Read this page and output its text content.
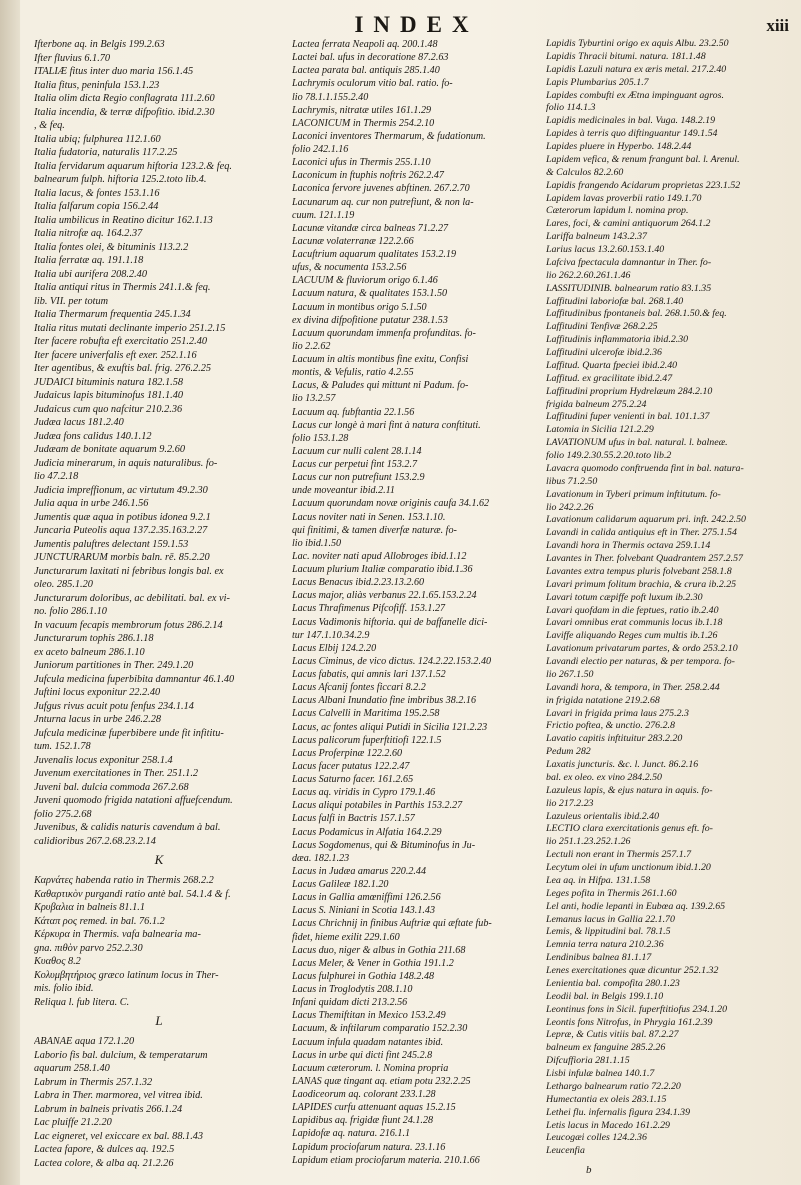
INDEX	xiii
Ifterbone aq. in Belgis 199.2.63
Ifter fluvius 6.1.70
ITALIÆ fitus inter duo maria 156.1.45
Italia fitus, peninfula 153.1.23
Italia olim dicta Regio conflagrata 111.2.60
Italia incendia, & terræ difpofitio. ibid.2.30
, & feq.
Italia ubiq; fulphurea 112.1.60
Italia fudatoria, naturalis 117.2.25
Italia fervidarum aquarum hiftoria 123.2.& feq.
balnearum fulph. hiftoria 125.2.toto lib.4.
Italia lacus, & fontes 153.1.16
Italia falfarum copia 156.2.44
Italia umbilicus in Reatino dicitur 162.1.13
Italia nitrofæ aq. 164.2.37
Italia fontes olei, & bituminis 113.2.2
Italia ferratæ aq. 191.1.18
Italia ubi aurifera 208.2.40
Italia antiqui ritus in Thermis 241.1.& feq.
lib. VII. per totum
Italia Thermarum frequentia 245.1.34
Italia ritus mutati declinante imperio 251.2.15
Iter facere robufta eft exercitatio 251.2.40
Iter facere univerfalis eft exer. 252.1.16
Iter agentibus, & exuftis bal. frig. 276.2.25
JUDAICI bituminis natura 182.1.58
Judaicus lapis bituminofus 181.1.40
Judaicus cum quo nafcitur 210.2.36
Judæa lacus 181.2.40
Judæa fons calidus 140.1.12
Judæam de bonitate aquarum 9.2.60
Judicia minerarum, in aquis naturalibus. fo-
lio 47.2.18
Judicia impreffionum, ac virtutum 49.2.30
Julia aqua in urbe 246.1.56
Jumentis quæ aqua in potibus idonea 9.2.1
Juncaria Puteolis aqua 137.2.35.163.2.27
Jumentis paluftres delectant 159.1.53
JUNCTURARUM morbis baln. rē. 85.2.20
Juncturarum laxitati ni febribus longis bal. ex
oleo. 285.1.20
Juncturarum doloribus, ac debilitati. bal. ex vi-
no. folio 286.1.10
In vacuum fecapis membrorum fotus 286.2.14
Juncturarum tophis 286.1.18
ex aceto balneum 286.1.10
Juniorum partitiones in Ther. 249.1.20
Jufcula medicina fuperbibita damnantur 46.1.40
Juftini locus exponitur 22.2.40
Jufgus rivus acuit potu fenfus 234.1.14
Jnturna lacus in urbe 246.2.28
Jufcula medicinæ fuperbibere unde fit infititu-
tum. 152.1.78
Juvenalis locus exponitur 258.1.4
Juvenum exercitationes in Ther. 251.1.2
Juveni bal. dulcia commoda 267.2.68
Juveni quomodo frigida natationi affuefcendum.
folio 275.2.68
Juvenibus, & calidis naturis cavendum à bal.
calidioribus 267.2.68.23.2.14
K
Καρνάτες habenda ratio in Thermis 268.2.2
Καθαρτικὸν purgandi ratio antè bal. 54.1.4 & f.
Κρυβαλια in balneis 81.1.1
Κάταπ ρος remed. in bal. 76.1.2
Κέρκυρα in Thermis. vafa balnearia ma-
gna. πιθὸν parvo 252.2.30
Κυαθος 8.2
Κολυμβητήριος græco latinum locus in Ther-
mis. folio ibid.
Reliqua l. fub litera. C.
L
ABANAE aqua 172.1.20
Laborio fis bal. dulcium, & temperatarum
aquarum 258.1.40
Labrum in Thermis 257.1.32
Labra in Ther. marmorea, vel vitrea ibid.
Labrum in balneis privatis 266.1.24
Lac pluiffe 21.2.20
Lac eigneret, vel exiccare ex bal. 88.1.43
Lactea fapore, & dulces aq. 192.5
Lactea colore, & alba aq. 21.2.26
Lactea ferrata Neapoli aq. 200.1.48
Lactei bal. ufus in decoratione 87.2.63
Lactea parata bal. antiquis 285.1.40
Lachrymis oculorum vitio bal. ratio. fo-
lio 78.1.1.155.2.40
Lachrymis, nitratæ utiles 161.1.29
LACONICUM in Thermis 254.2.10
Laconici inventores Thermarum, & fudationum.
folio 242.1.16
Laconici ufus in Thermis 255.1.10
Laconicum in ftuphis noftris 262.2.47
Laconica fervore juvenes abftinen. 267.2.70
Lacunarum aq. cur non putrefiunt, & non la-
cuum. 121.1.19
Lacunæ vitandæ circa balneas 71.2.27
Lacunæ volaterranæ 122.2.66
Lacuftrium aquarum qualitates 153.2.19
ufus, & nocumenta 153.2.56
LACUUM & fluviorum origo 6.1.46
Lacuum natura, & qualitates 153.1.50
Lacuum in montibus origo 5.1.50
ex divina difpofitione putatur 238.1.53
Lacuum quorundam immenfa profunditas. fo-
lio 2.2.62
Lacuum in altis montibus fine exitu, Confisi
montis, & Vefulis, ratio 4.2.55
Lacus, & Paludes qui mittunt ni Padum. fo-
lio 13.2.57
Lacuum aq. fubftantia 22.1.56
Lacus cur longè à mari fint à natura conftituti.
folio 153.1.28
Lacuum cur nulli calent 28.1.14
Lacus cur perpetui fint 153.2.7
Lacus cur non putrefiunt 153.2.9
unde moveantur ibid.2.11
Lacuum quorundam novæ originis caufa 34.1.62
Lacus noviter nati in Senen. 153.1.10.
qui finitimi, & tamen diverfæ naturæ. fo-
lio ibid.1.50
Lac. noviter nati apud Allobroges ibid.1.12
Lacuum plurium Italiæ comparatio ibid.1.36
Lacus Benacus ibid.2.23.13.2.60
Lacus major, aliàs verbanus 22.1.65.153.2.24
Lacus Thrafimenus Pifcofiff. 153.1.27
Lacus Vadimonis hiftoria. qui de baffanelle dici-
tur 147.1.10.34.2.9
Lacus Elbij 124.2.20
Lacus Ciminus, de vico dictus. 124.2.22.153.2.40
Lacus fabatis, qui amnis lari 137.1.52
Lacus Afcanij fontes ficcari 8.2.2
Lacus Albani Inundatio fine imbribus 38.2.16
Lacus Calvelli in Maritima 195.2.58
Lacus, ac fontes aliqui Putidi in Sicilia 121.2.23
Lacus palicorum fuperftitiofi 122.1.5
Lacus Proferpinæ 122.2.60
Lacus facer putatus 122.2.47
Lacus Saturno facer. 161.2.65
Lacus aq. viridis in Cypro 179.1.46
Lacus aliqui potabiles in Parthis 153.2.27
Lacus falfi in Bactris 157.1.57
Lacus Podamicus in Alfatia 164.2.29
Lacus Sogdomenus, qui & Bituminofus in Ju-
dæa. 182.1.23
Lacus in Judæa amarus 220.2.44
Lacus Galileæ 182.1.20
Lacus in Gallia amœniffimi 126.2.56
Lacus S. Niniani in Scotia 143.1.43
Lacus Chrichnij in finibus Auftriæ qui æftate fub-
fidet, hieme exilit 229.1.60
Lacus duo, niger & albus in Gothia 211.68
Lacus Meler, & Vener in Gothia 191.1.2
Lacus fulphurei in Gothia 148.2.48
Lacus in Troglodytis 208.1.10
Infani quidam dicti 213.2.56
Lacus Themiftitan in Mexico 153.2.49
Lacuum, & inftilarum comparatio 152.2.30
Lacuum infula quadam natantes ibid.
Lacus in urbe qui dicti fint 245.2.8
Lacuum cæterorum. l. Nomina propria
LANAS quæ tingant aq. etiam potu 232.2.25
Laodiceorum aq. colorant 233.1.28
LAPIDES curfu attenuant aquas 15.2.15
Lapidibus aq. frigidæ fiunt 24.1.28
Lapidofæ aq. natura. 216.1.1
Lapidum prociofarum natura. 23.1.16
Lapidum etiam prociofarum materia. 210.1.66
Lapidis Tyburtini origo ex aquis Albu. 23.2.50
Lapidis Thracii bitumi. natura. 181.1.48
Lapidis Lazuli natura ex æris metal. 217.2.40
Lapis Plumbarius 205.1.7
Lapides combufti ex Ætna impinguant agros.
folio 114.1.3
Lapidis medicinales in bal. Vuga. 148.2.19
Lapides à terris quo diftinguantur 149.1.54
Lapides pluere in Hyperbo. 148.2.44
Lapidem vefica, & renum frangunt bal. l. Arenul.
& Calculos 82.2.60
Lapidis frangendo Acidarum proprietas 223.1.52
Lapidem lavas proverbii ratio 149.1.70
Cæterorum lapidum l. nomina prop.
Lares, foci, & camini antiquorum 264.1.2
Lariffa balneum 143.2.37
Larius lacus 13.2.60.153.1.40
Lafciva fpectacula damnantur in Ther. fo-
lio 262.2.60.261.1.46
LASSITUDINIB. balnearum ratio 83.1.35
Laffitudini laboriofæ bal. 268.1.40
Laffitudinibus fpontaneis bal. 268.1.50.& feq.
Laffitudini Tenfivæ 268.2.25
Laffitudinis inflammatoria ibid.2.30
Laffitudini ulcerofæ ibid.2.36
Laffitud. Quarta fpeciei ibid.2.40
Laffitud. ex gracilitate ibid.2.47
Laffitudini proprium Hydrelæum 284.2.10
frigida balneum 275.2.24
Laffitudini fuper venienti in bal. 101.1.37
Latomia in Sicilia 121.2.29
LAVATIONUM ufus in bal. natural. l. balneæ.
folio 149.2.30.55.2.20.toto lib.2
Lavacra quomodo conftruenda fint in bal. natura-
libus 71.2.50
Lavationum in Tyberi primum inftitutum. fo-
lio 242.2.26
Lavationum calidarum aquarum pri. inft. 242.2.50
Lavandi in calida antiquius eft in Ther. 275.1.54
Lavandi hora in Thermis octava 259.1.14
Lavantes in Ther. folvebant Quadrantem 257.2.57
Lavantes extra tempus pluris folvebant 258.1.8
Lavari primum folitum brachia, & crura ib.2.25
Lavari totum cæpiffe poft luxum ib.2.30
Lavari quofdam in die feptues, ratio ib.2.40
Lavari omnibus erat communis locus ib.1.18
Laviffe aliquando Reges cum multis ib.1.26
Lavationum privatarum partes, & ordo 253.2.10
Lavandi electio per naturas, & per tempora. fo-
lio 267.1.50
Lavandi hora, & tempora, in Ther. 258.2.44
in frigida natatione 219.2.68
Lavari in frigida prima laus 275.2.3
Frictio poftea, & unctio. 276.2.8
Lavatio capitis inftituitur 283.2.20
Pedum 282
Laxatis juncturis. &c. l. Junct. 86.2.16
bal. ex oleo. ex vino 284.2.50
Lazuleus lapis, & ejus natura in aquis. fo-
lio 217.2.23
Lazuleus orientalis ibid.2.40
LECTIO clara exercitationis genus eft. fo-
lio 251.1.23.252.1.26
Lectuli non erant in Thermis 257.1.7
Lecytum olei in ufum unctionum ibid.1.20
Lea aq. in Hifpa. 131.1.58
Leges pofita in Thermis 261.1.60
Lel anti, hodie lepanti in Eubœa aq. 139.2.65
Lemanus lacus in Gallia 22.1.70
Lemis, & lippitudini bal. 78.1.5
Lemnia terra natura 210.2.36
Lendinibus balnea 81.1.17
Lenes exercitationes quæ dicuntur 252.1.32
Lenientia bal. compofita 280.1.23
Leodii bal. in Belgis 199.1.10
Leontinus fons in Sicil. fuperftitiofus 234.1.20
Leontis fons Nitrofus, in Phrygia 161.2.39
Lepræ, & Cutis vitiis bal. 87.2.27
balneum ex fanguine 285.2.26
Difcuffioria 281.1.15
Lisbi infulæ balnea 140.1.7
Lethargo balnearum ratio 72.2.20
Humectantia ex oleis 283.1.15
Lethei flu. infernalis figura 234.1.39
Letis lacus in Macedo 161.2.29
Leucogæi colles 124.2.36
Leucenfia
b
